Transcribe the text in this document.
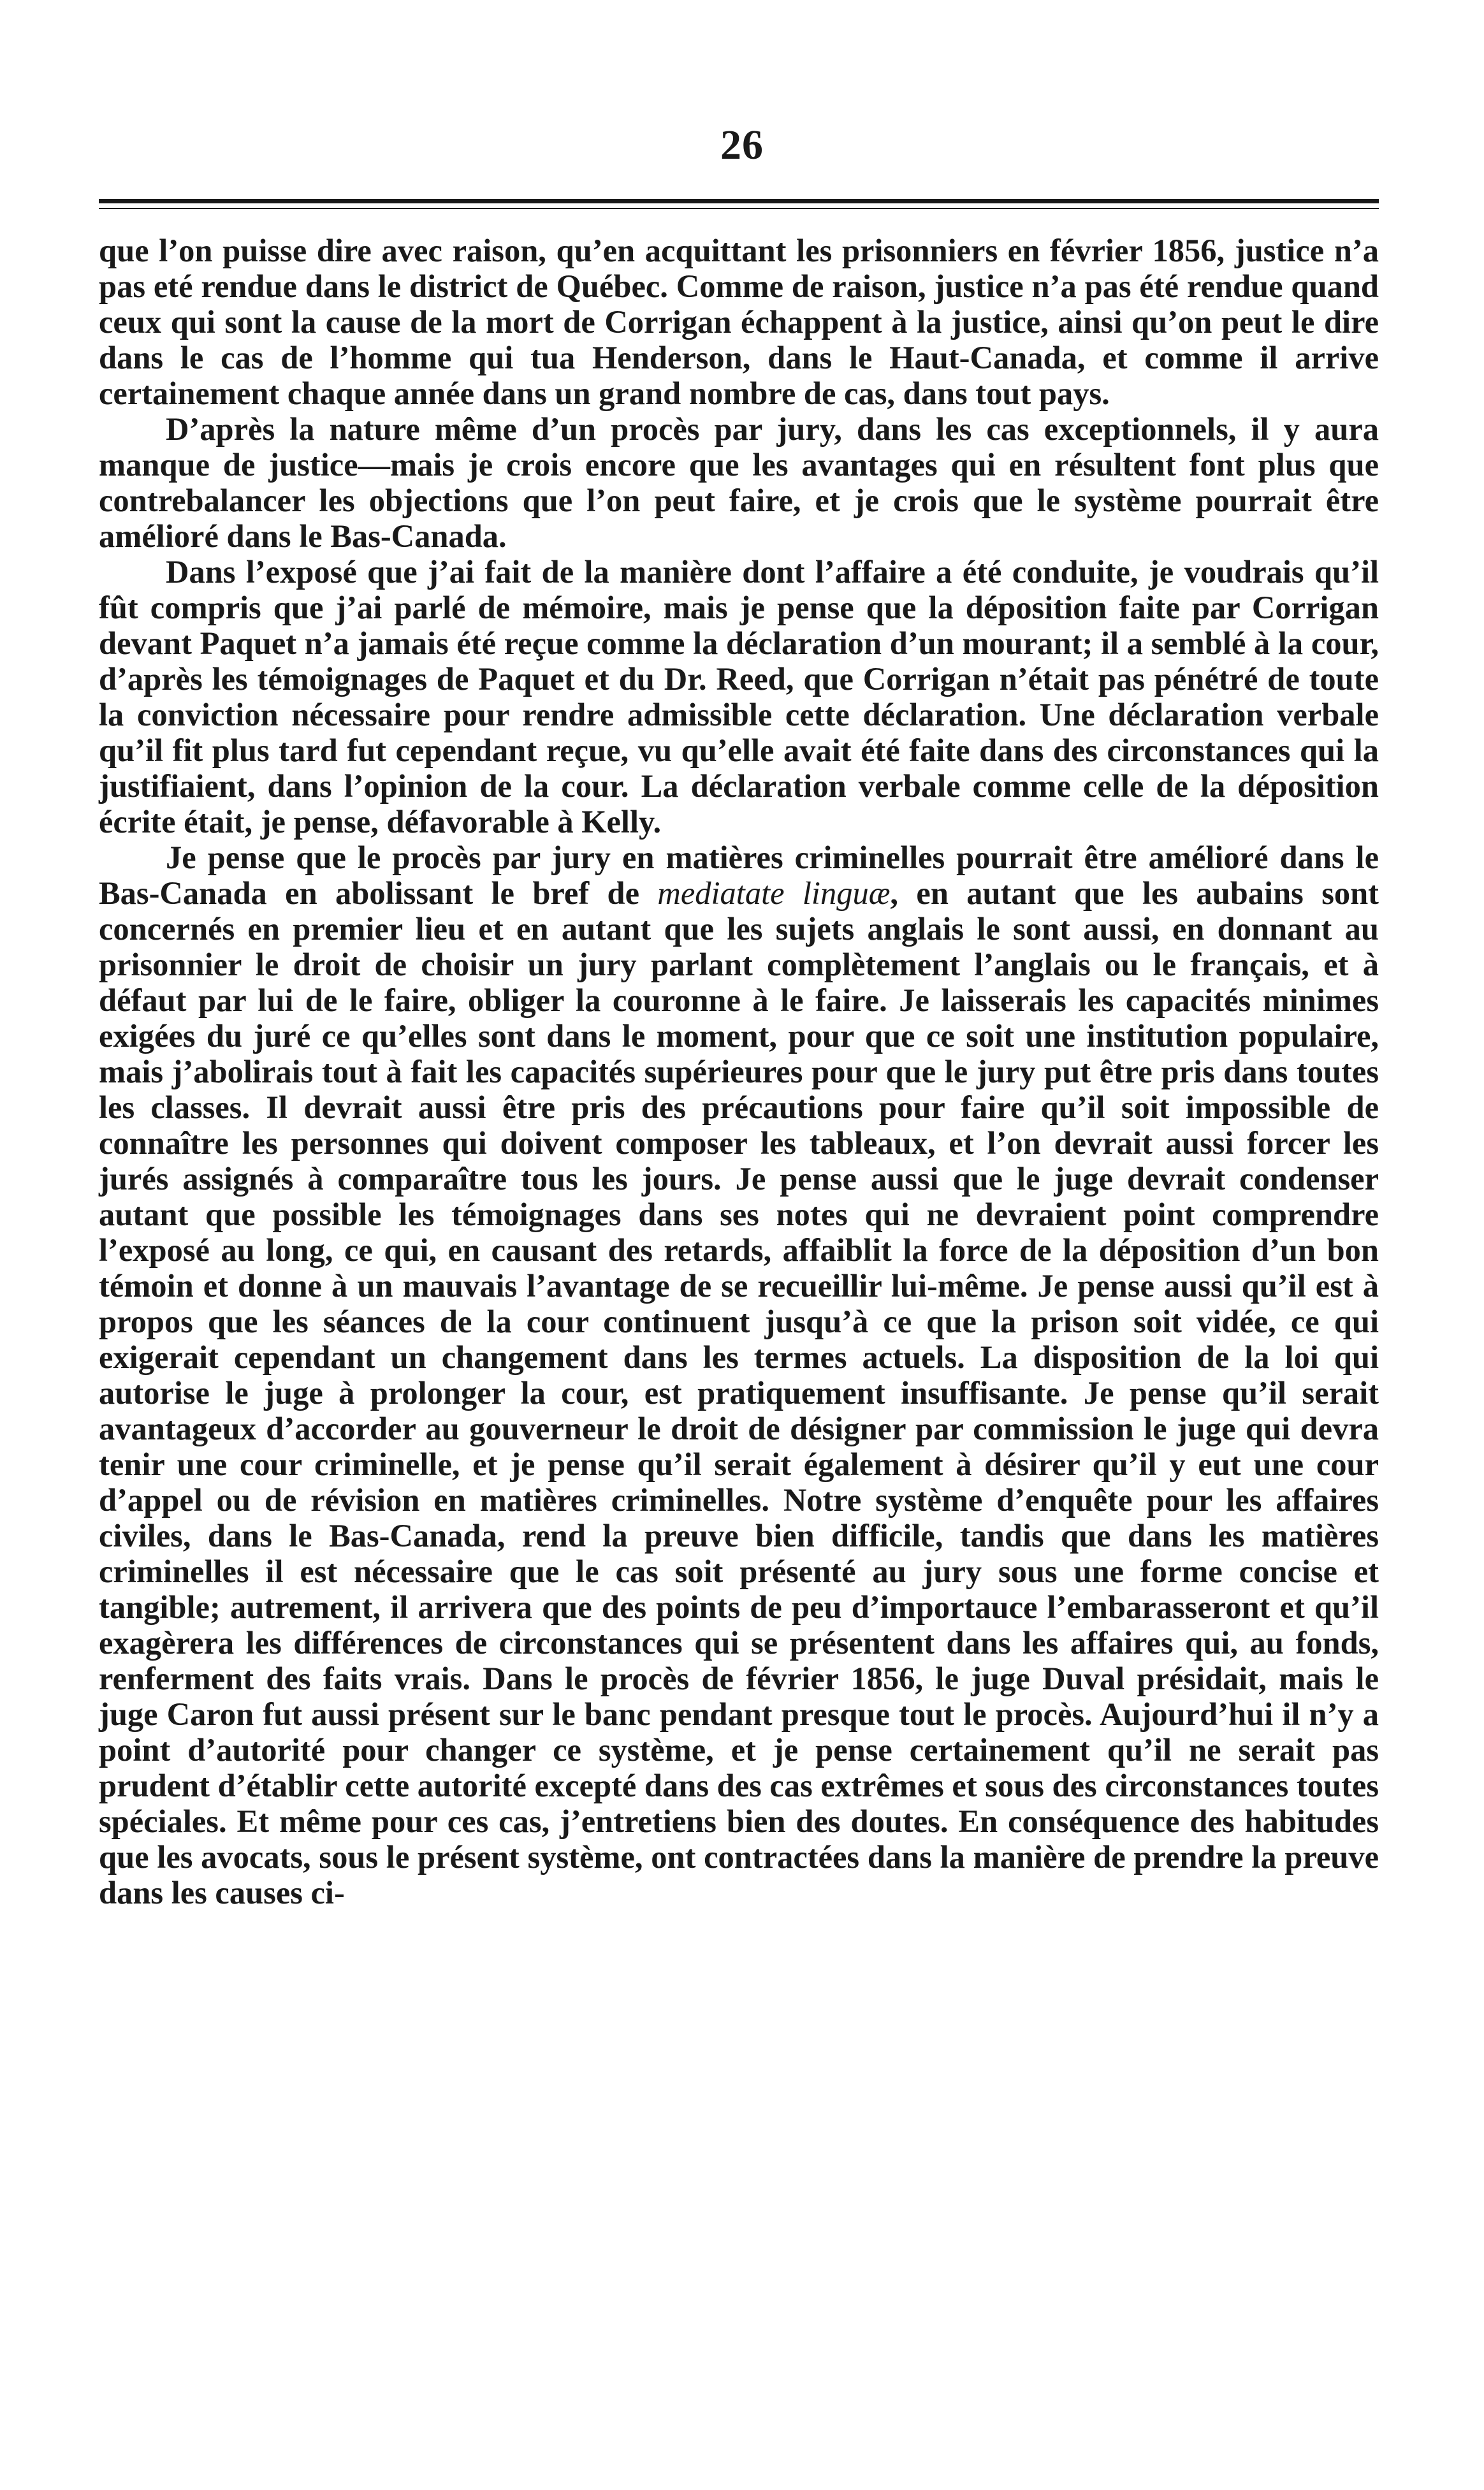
26

que l’on puisse dire avec raison, qu’en acquittant les prisonniers en février 1856, justice n’a pas eté rendue dans le district de Québec. Comme de raison, justice n’a pas été rendue quand ceux qui sont la cause de la mort de Corrigan échappent à la justice, ainsi qu’on peut le dire dans le cas de l’homme qui tua Henderson, dans le Haut-Canada, et comme il arrive certainement chaque année dans un grand nombre de cas, dans tout pays.

D’après la nature même d’un procès par jury, dans les cas exceptionnels, il y aura manque de justice—mais je crois encore que les avantages qui en résultent font plus que contrebalancer les objections que l’on peut faire, et je crois que le système pourrait être amélioré dans le Bas-Canada.

Dans l’exposé que j’ai fait de la manière dont l’affaire a été conduite, je voudrais qu’il fût compris que j’ai parlé de mémoire, mais je pense que la déposition faite par Corrigan devant Paquet n’a jamais été reçue comme la déclaration d’un mourant; il a semblé à la cour, d’après les témoignages de Paquet et du Dr. Reed, que Corrigan n’était pas pénétré de toute la conviction nécessaire pour rendre admissible cette déclaration. Une déclaration verbale qu’il fit plus tard fut cependant reçue, vu qu’elle avait été faite dans des circonstances qui la justifiaient, dans l’opinion de la cour. La déclaration verbale comme celle de la déposition écrite était, je pense, défavorable à Kelly.

Je pense que le procès par jury en matières criminelles pourrait être amélioré dans le Bas-Canada en abolissant le bref de mediatate linguæ, en autant que les aubains sont concernés en premier lieu et en autant que les sujets anglais le sont aussi, en donnant au prisonnier le droit de choisir un jury parlant complètement l’anglais ou le français, et à défaut par lui de le faire, obliger la couronne à le faire. Je laisserais les capacités minimes exigées du juré ce qu’elles sont dans le moment, pour que ce soit une institution populaire, mais j’abolirais tout à fait les capacités supérieures pour que le jury put être pris dans toutes les classes. Il devrait aussi être pris des précautions pour faire qu’il soit impossible de connaître les personnes qui doivent composer les tableaux, et l’on devrait aussi forcer les jurés assignés à comparaître tous les jours. Je pense aussi que le juge devrait condenser autant que possible les témoignages dans ses notes qui ne devraient point comprendre l’exposé au long, ce qui, en causant des retards, affaiblit la force de la déposition d’un bon témoin et donne à un mauvais l’avantage de se recueillir lui-même. Je pense aussi qu’il est à propos que les séances de la cour continuent jusqu’à ce que la prison soit vidée, ce qui exigerait cependant un changement dans les termes actuels. La disposition de la loi qui autorise le juge à prolonger la cour, est pratiquement insuffisante. Je pense qu’il serait avantageux d’accorder au gouverneur le droit de désigner par commission le juge qui devra tenir une cour criminelle, et je pense qu’il serait également à désirer qu’il y eut une cour d’appel ou de révision en matières criminelles. Notre système d’enquête pour les affaires civiles, dans le Bas-Canada, rend la preuve bien difficile, tandis que dans les matières criminelles il est nécessaire que le cas soit présenté au jury sous une forme concise et tangible; autrement, il arrivera que des points de peu d’importauce l’embarasseront et qu’il exagèrera les différences de circonstances qui se présentent dans les affaires qui, au fonds, renferment des faits vrais. Dans le procès de février 1856, le juge Duval présidait, mais le juge Caron fut aussi présent sur le banc pendant presque tout le procès. Aujourd’hui il n’y a point d’autorité pour changer ce système, et je pense certainement qu’il ne serait pas prudent d’établir cette autorité excepté dans des cas extrêmes et sous des circonstances toutes spéciales. Et même pour ces cas, j’entretiens bien des doutes. En conséquence des habitudes que les avocats, sous le présent système, ont contractées dans la manière de prendre la preuve dans les causes ci-
